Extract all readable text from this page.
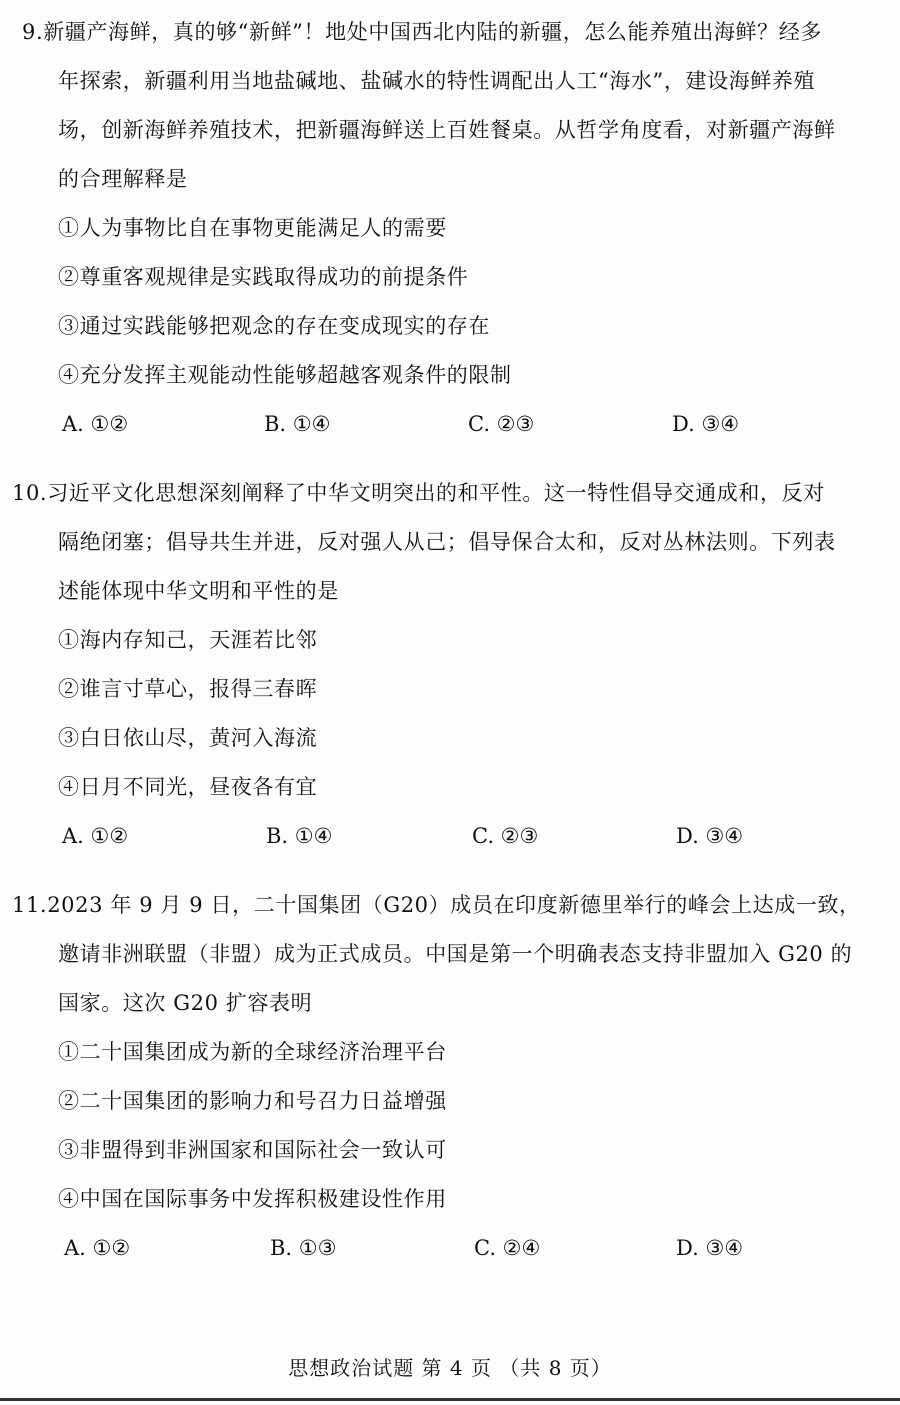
9.新疆产海鲜，真的够“新鲜”！地处中国西北内陆的新疆，怎么能养殖出海鲜？经多
年探索，新疆利用当地盐碱地、盐碱水的特性调配出人工“海水”，建设海鲜养殖
场，创新海鲜养殖技术，把新疆海鲜送上百姓餐桌。从哲学角度看，对新疆产海鲜
的合理解释是
①人为事物比自在事物更能满足人的需要
②尊重客观规律是实践取得成功的前提条件
③通过实践能够把观念的存在变成现实的存在
④充分发挥主观能动性能够超越客观条件的限制
A. ①②	B. ①④	C. ②③	D. ③④
10.习近平文化思想深刻阐释了中华文明突出的和平性。这一特性倡导交通成和，反对
隔绝闭塞；倡导共生并进，反对强人从己；倡导保合太和，反对丛林法则。下列表
述能体现中华文明和平性的是
①海内存知己，天涯若比邻
②谁言寸草心，报得三春晖
③白日依山尽，黄河入海流
④日月不同光，昼夜各有宜
A. ①②	B. ①④	C. ②③	D. ③④
11.2023 年 9 月 9 日，二十国集团（G20）成员在印度新德里举行的峰会上达成一致，
邀请非洲联盟（非盟）成为正式成员。中国是第一个明确表态支持非盟加入 G20 的
国家。这次 G20 扩容表明
①二十国集团成为新的全球经济治理平台
②二十国集团的影响力和号召力日益增强
③非盟得到非洲国家和国际社会一致认可
④中国在国际事务中发挥积极建设性作用
A. ①②	B. ①③	C. ②④	D. ③④
思想政治试题 第 4 页 （共 8 页）
